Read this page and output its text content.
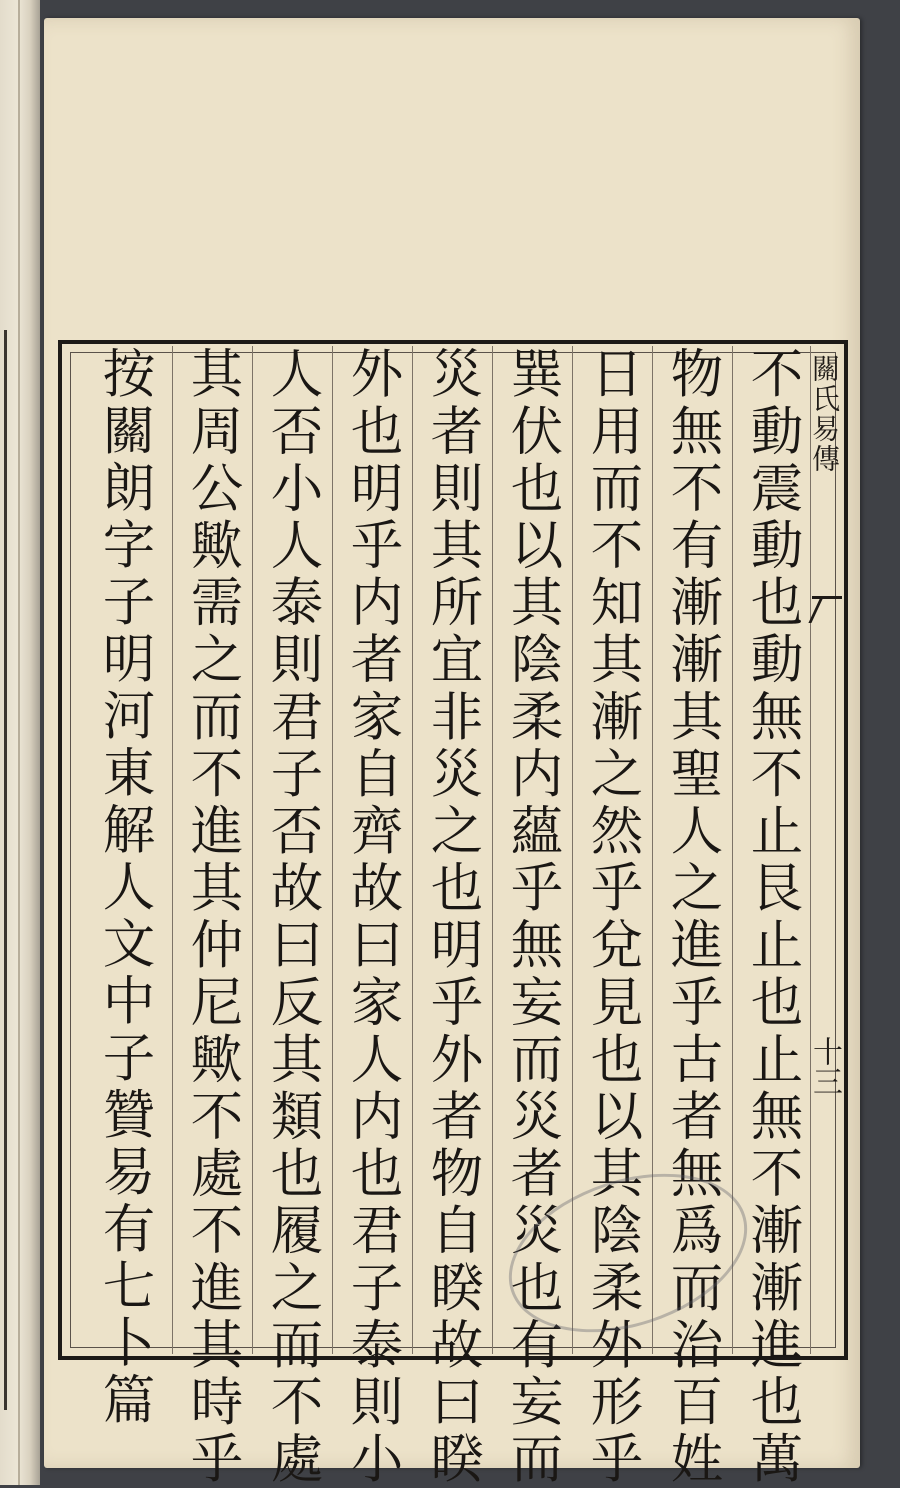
關氏易傳
十三
不動震動也動無不止艮止也止無不漸漸進也萬
物無不有漸漸其聖人之進乎古者無爲而治百姓
日用而不知其漸之然乎兌見也以其陰柔外形乎
巽伏也以其陰柔内蘊乎無妄而災者災也有妄而
災者則其所宜非災之也明乎外者物自睽故曰睽
外也明乎内者家自齊故曰家人内也君子泰則小
人否小人泰則君子否故曰反其類也履之而不處
其周公歟需之而不進其仲尼歟不處不進其時乎
按關朗字子明河東解人文中子贊易有七卜篇
